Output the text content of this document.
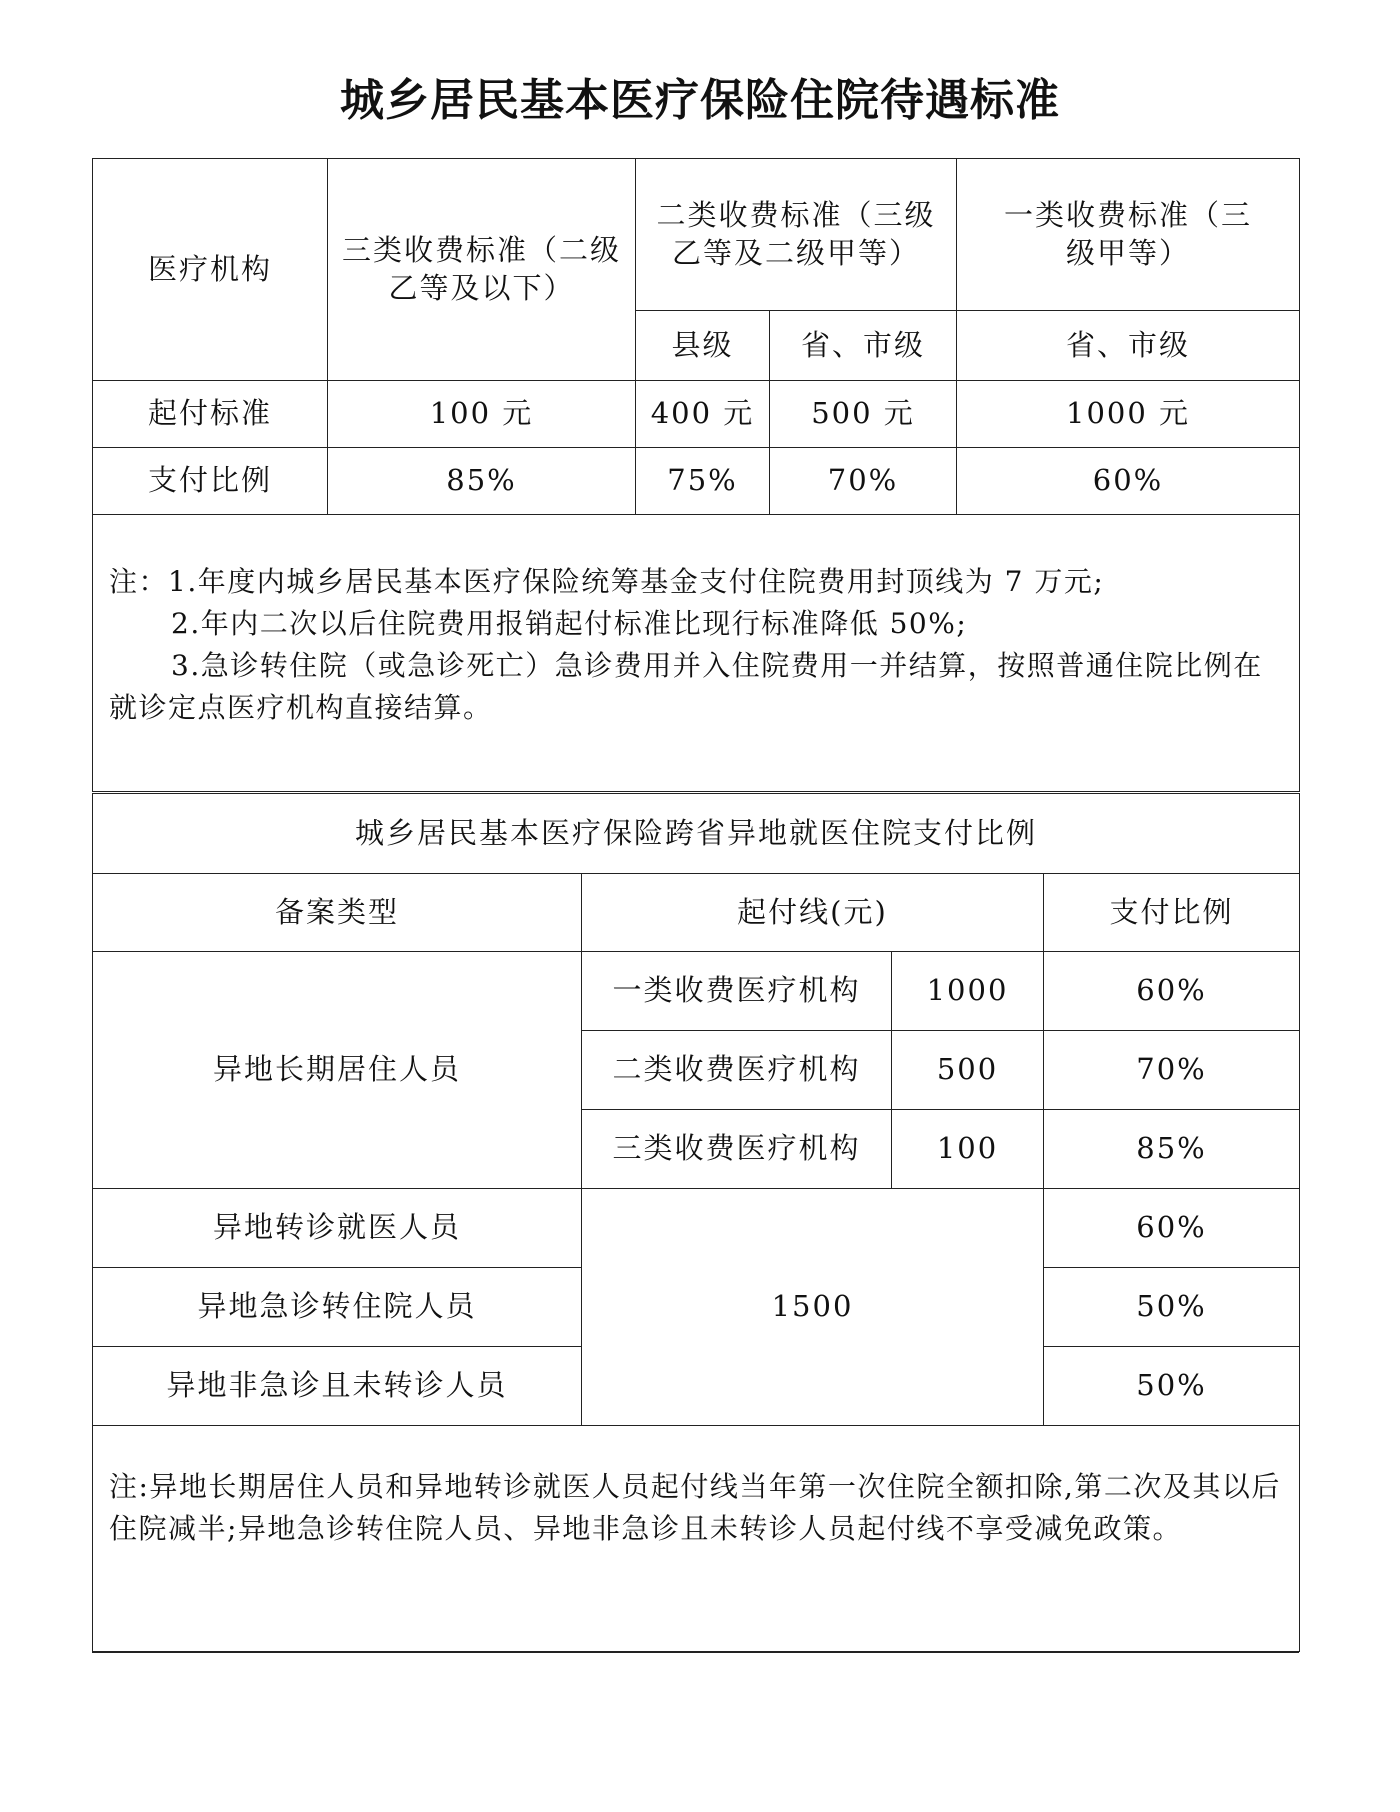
城乡居民基本医疗保险住院待遇标准
医疗机构	三类收费标准（二级乙等及以下）	二类收费标准（三级乙等及二级甲等）		一类收费标准（三级甲等）
		县级	省、市级	省、市级
起付标准	100 元	400 元	500 元	1000 元
支付比例	85%	75%	70%	60%

注：1.年度内城乡居民基本医疗保险统筹基金支付住院费用封顶线为 7 万元;
2.年内二次以后住院费用报销起付标准比现行标准降低 50%;
3.急诊转住院（或急诊死亡）急诊费用并入住院费用一并结算，按照普通住院比例在就诊定点医疗机构直接结算。				
城乡居民基本医疗保险跨省异地就医住院支付比例			
备案类型	起付线(元)		支付比例
异地长期居住人员	一类收费医疗机构	1000	60%
	二类收费医疗机构	500	70%
	三类收费医疗机构	100	85%
异地转诊就医人员	1500		60%
异地急诊转住院人员			50%
异地非急诊且未转诊人员			50%

注:异地长期居住人员和异地转诊就医人员起付线当年第一次住院全额扣除,第二次及其以后住院减半;异地急诊转住院人员、异地非急诊且未转诊人员起付线不享受减免政策。			
